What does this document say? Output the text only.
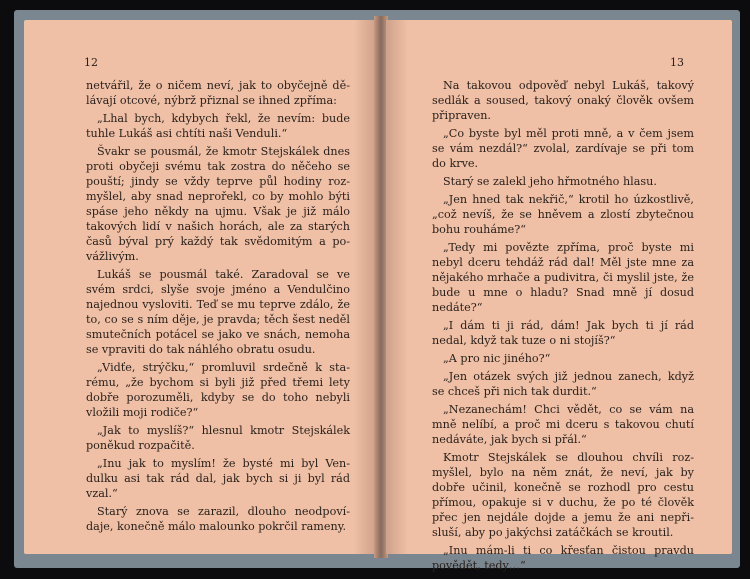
12

netvářil, že o ničem neví, jak to obyčejně dě-lávají otcové, nýbrž přiznal se ihned zpříma:

„Lhal bych, kdybych řekl, že nevím: bude tuhle Lukáš asi chtíti naši Venduli.“

Švakr se pousmál, že kmotr Stejskálek dnes proti obyčeji svému tak zostra do něčeho se pouští; jindy se vždy teprve půl hodiny roz-myšlel, aby snad neprořekl, co by mohlo býti spáse jeho někdy na ujmu. Však je již málo takových lidí v našich horách, ale za starých časů býval prý každý tak svědomitým a po-vážlivým.

Lukáš se pousmál také. Zaradoval se ve svém srdci, slyše svoje jméno a Vendulčino najednou vysloviti. Teď se mu teprve zdálo, že to, co se s ním děje, je pravda; těch šest neděl smutečních potácel se jako ve snách, nemoha se vpraviti do tak náhlého obratu osudu.

„Vidťe, strýčku,“ promluvil srdečně k sta-rému, „že bychom si byli již před třemi lety dobře porozuměli, kdyby se do toho nebyli vložili moji rodiče?“

„Jak to myslíš?“ hlesnul kmotr Stejskálek poněkud rozpačitě.

„Inu jak to myslím! že bysté mi byl Ven-dulku asi tak rád dal, jak bych si ji byl rád vzal.“

Starý znova se zarazil, dlouho neodpoví-daje, konečně málo malounko pokrčil rameny.

13

Na takovou odpověď nebyl Lukáš, takový sedlák a soused, takový onaký člověk ovšem připraven.

„Co byste byl měl proti mně, a v čem jsem se vám nezdál?“ zvolal, zardívaje se při tom do krve.

Starý se zalekl jeho hřmotného hlasu.

„Jen hned tak nekřič,“ krotil ho úzkostlivě, „což nevíš, že se hněvem a zlostí zbytečnou bohu rouháme?“

„Tedy mi povězte zpříma, proč byste mi nebyl dceru tehdáž rád dal! Měl jste mne za nějakého mrhače a pudivitra, či myslil jste, že bude u mne o hladu? Snad mně jí dosud nedáte?“

„I dám ti ji rád, dám! Jak bych ti jí rád nedal, když tak tuze o ni stojíš?“

„A pro nic jiného?“

„Jen otázek svých již jednou zanech, když se chceš při nich tak durdit.“

„Nezanechám! Chci vědět, co se vám na mně nelíbí, a proč mi dceru s takovou chutí nedáváte, jak bych si přál.“

Kmotr Stejskálek se dlouhou chvíli roz-myšlel, bylo na něm znát, že neví, jak by dobře učinil, konečně se rozhodl pro cestu přímou, opakuje si v duchu, že po té člověk přec jen nejdále dojde a jemu že ani nepři-sluší, aby po jakýchsi zatáčkách se kroutil.

„Inu mám-li ti co křesťan čistou pravdu povědět, tedy…“
